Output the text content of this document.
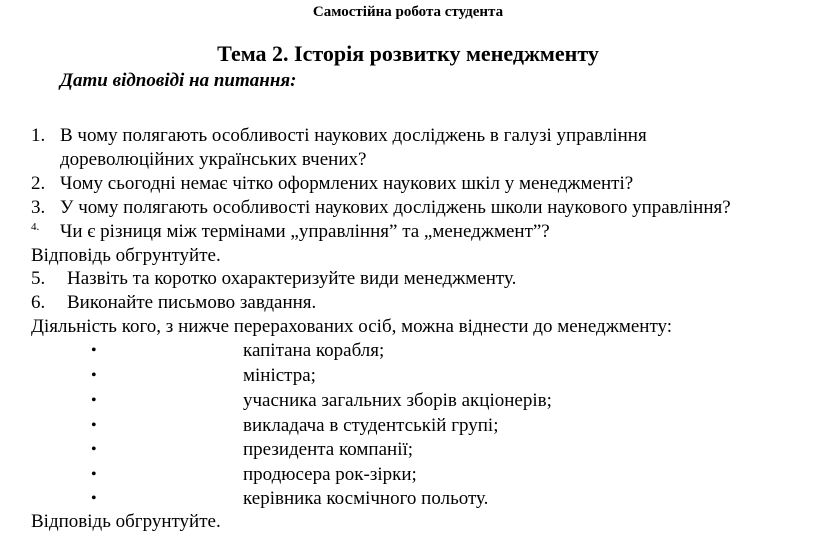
Самостійна робота студента
Тема 2. Історія розвитку менеджменту
Дати відповіді на питання:
1. В чому полягають особливості наукових досліджень в галузі управління
дореволюційних українських вчених?
2. Чому сьогодні немає чітко оформлених наукових шкіл у менеджменті?
3. У чому полягають особливості наукових досліджень школи наукового управління?
4. Чи є різниця між термінами „управління” та „менеджмент”?
Відповідь обгрунтуйте.
5. Назвіть та коротко охарактеризуйте види менеджменту.
6. Виконайте письмово завдання.
Діяльність кого, з нижче перерахованих осіб, можна віднести до менеджменту:
•	капітана корабля;
•	міністра;
•	учасника загальних зборів акціонерів;
•	викладача в студентській групі;
•	президента компанії;
•	продюсера рок-зірки;
•	керівника космічного польоту.
Відповідь обгрунтуйте.
